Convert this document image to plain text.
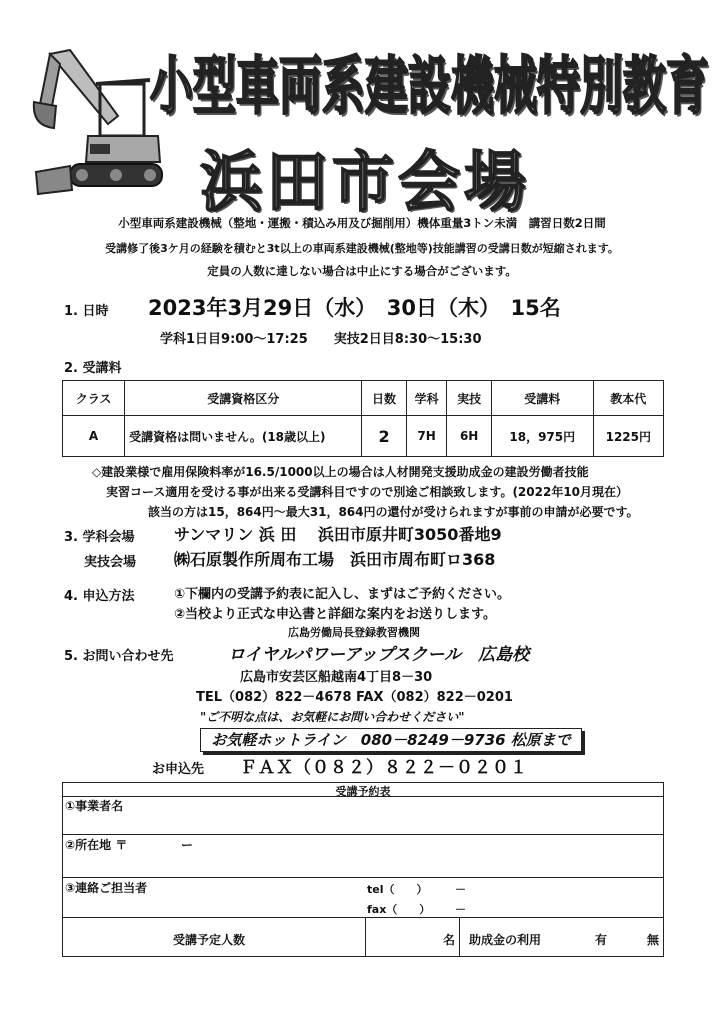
小型車両系建設機械特別教育
浜田市会場
小型車両系建設機械（整地・運搬・積込み用及び掘削用）機体重量3トン未満　講習日数2日間
受講修了後3ケ月の経験を積むと3t以上の車両系建設機械(整地等)技能講習の受講日数が短縮されます。
定員の人数に達しない場合は中止にする場合がございます。
1. 日時 2023年3月29日（水）　30日（木）　15名
学科1日目9:00～17:25　　実技2日目8:30～15:30
2. 受講料
クラス	受講資格区分	日数	学科	実技	受講料	教本代
A	受講資格は問いません。(18歳以上)	2	7H	6H	18，975円	1225円
◇建設業様で雇用保険料率が16.5/1000以上の場合は人材開発支援助成金の建設労働者技能
実習コース適用を受ける事が出来る受講科目ですので別途ご相談致します。(2022年10月現在）
該当の方は15，864円～最大31，864円の還付が受けられますが事前の申請が必要です。
3. 学科会場 サンマリン 浜 田　 浜田市原井町3050番地9
実技会場 ㈱石原製作所周布工場　浜田市周布町ロ368
4. 申込方法	①下欄内の受講予約表に記入し、まずはご予約ください。
②当校より正式な申込書と詳細な案内をお送りします。
広島労働局長登録教習機関
5. お問い合わせ先	ロイヤルパワーアップスクール　広島校
広島市安芸区船越南4丁目8－30
TEL（082）822－4678 FAX（082）822－0201
"ご不明な点は、お気軽にお問い合わせください"
お気軽ホットライン　080－8249－9736 松原まで
お申込先 ＦＡＸ（０８２）８２２－０２０１
受講予約表
①事業者名
②所在地 〒	ー
③連絡ご担当者	tel（　　）	－
fax（　　） －
受講予定人数	名 助成金の利用	有	無
